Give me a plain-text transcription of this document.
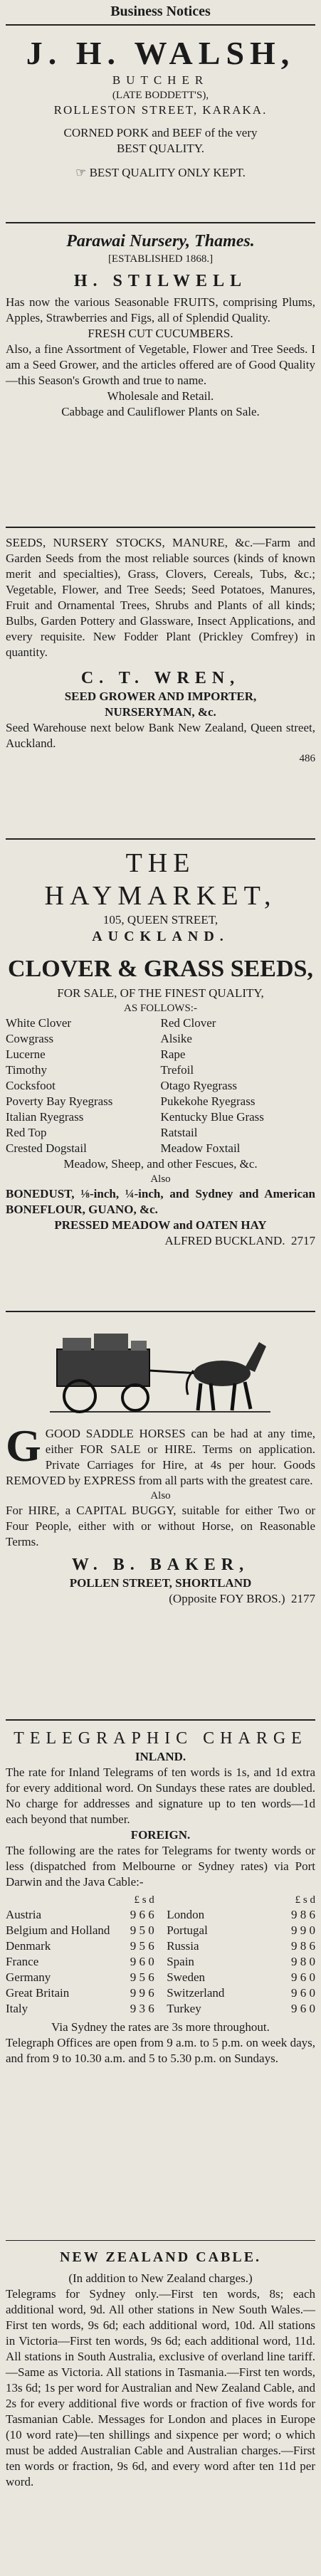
Business Notices
J. H. WALSH,
BUTCHER
(LATE BODDETT'S),
ROLLESTON STREET, KARAKA.
CORNED PORK and BEEF of the very
BEST QUALITY.
☞ BEST QUALITY ONLY KEPT.
Parawai Nursery, Thames.
[ESTABLISHED 1868.]
H. STILWELL
Has now the various Seasonable FRUITS, comprising Plums, Apples, Strawberries and Figs, all of Splendid Quality.
FRESH CUT CUCUMBERS.
Also, a fine Assortment of Vegetable, Flower and Tree Seeds. I am a Seed Grower, and the articles offered are of Good Quality—this Season's Growth and true to name.
Wholesale and Retail.
Cabbage and Cauliflower Plants on Sale.
SEEDS, NURSERY STOCKS, MANURE, &c.—Farm and Garden Seeds from the most reliable sources (kinds of known merit and specialties), Grass, Clovers, Cereals, Tubs, &c.; Vegetable, Flower, and Tree Seeds; Seed Potatoes, Manures, Fruit and Ornamental Trees, Shrubs and Plants of all kinds; Bulbs, Garden Pottery and Glassware, Insect Applications, and every requisite. New Fodder Plant (Prickley Comfrey) in quantity.
C. T. WREN,
SEED GROWER AND IMPORTER,
NURSERYMAN, &c.
Seed Warehouse next below Bank New Zealand, Queen street, Auckland.
486
THE HAYMARKET,
105, QUEEN STREET,
AUCKLAND.
CLOVER & GRASS SEEDS,
FOR SALE, OF THE FINEST QUALITY,
AS FOLLOWS:-
White Clover	Red Clover
Cowgrass	Alsike
Lucerne	Rape
Timothy	Trefoil
Cocksfoot	Otago Ryegrass
Poverty Bay Ryegrass	Pukekohe Ryegrass
Italian Ryegrass	Kentucky Blue Grass
Red Top	Ratstail
Crested Dogstail	Meadow Foxtail
Meadow, Sheep, and other Fescues, &c.
Also
BONEDUST, ⅛-inch, ¼-inch, and Sydney and American BONEFLOUR, GUANO, &c.
PRESSED MEADOW and OATEN HAY
ALFRED BUCKLAND. 2717
GGOOD SADDLE HORSES can be had at any time, either FOR SALE or HIRE. Terms on application. Private Carriages for Hire, at 4s per hour. Goods REMOVED by EXPRESS from all parts with the greatest care.
Also
For HIRE, a CAPITAL BUGGY, suitable for either Two or Four People, either with or without Horse, on Reasonable Terms.
W. B. BAKER,
POLLEN STREET, SHORTLAND
(Opposite FOY BROS.) 2177
TELEGRAPHIC CHARGE
INLAND.
The rate for Inland Telegrams of ten words is 1s, and 1d extra for every additional word. On Sundays these rates are doubled. No charge for addresses and signature up to ten words—1d each beyond that number.
FOREIGN.
The following are the rates for Telegrams for twenty words or less (dispatched from Melbourne or Sydney rates) via Port Darwin and the Java Cable:-
£ s d
Austria	9 6 6
Belgium and Holland 9 5 0
Denmark	9 5 6
France	9 6 0
Germany	9 5 6
Great Britain	9 9 6
Italy	9 3 6
£ s d
London	9 8 6
Portugal	9 9 0
Russia	9 8 6
Spain	9 8 0
Sweden	9 6 0
Switzerland	9 6 0
Turkey	9 6 0
Via Sydney the rates are 3s more throughout.
Telegraph Offices are open from 9 a.m. to 5 p.m. on week days, and from 9 to 10.30 a.m. and 5 to 5.30 p.m. on Sundays.
NEW ZEALAND CABLE.
(In addition to New Zealand charges.)
Telegrams for Sydney only.—First ten words, 8s; each additional word, 9d. All other stations in New South Wales.—First ten words, 9s 6d; each additional word, 10d. All stations in Victoria—First ten words, 9s 6d; each additional word, 11d. All stations in South Australia, exclusive of overland line tariff.—Same as Victoria. All stations in Tasmania.—First ten words, 13s 6d; 1s per word for Australian and New Zealand Cable, and 2s for every additional five words or fraction of five words for Tasmanian Cable. Messages for London and places in Europe (10 word rate)—ten shillings and sixpence per word; o which must be added Australian Cable and Australian charges.—First ten words or fraction, 9s 6d, and every word after ten 11d per word.
